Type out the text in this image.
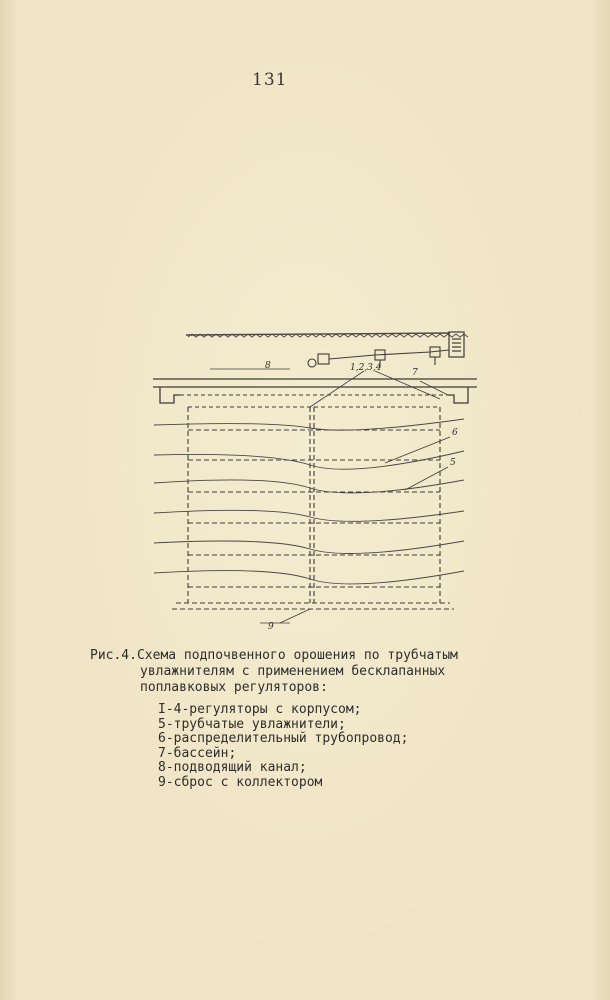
131
1,2,3,4	7
8
6
5
9
Рис.4.Схема подпочвенного орошения по трубчатым
увлажнителям с применением бесклапанных
поплавковых регуляторов:
I-4-регуляторы с корпусом;
5-трубчатые увлажнители;
6-распределительный трубопровод;
7-бассейн;
8-подводящий канал;
9-сброс с коллектором
